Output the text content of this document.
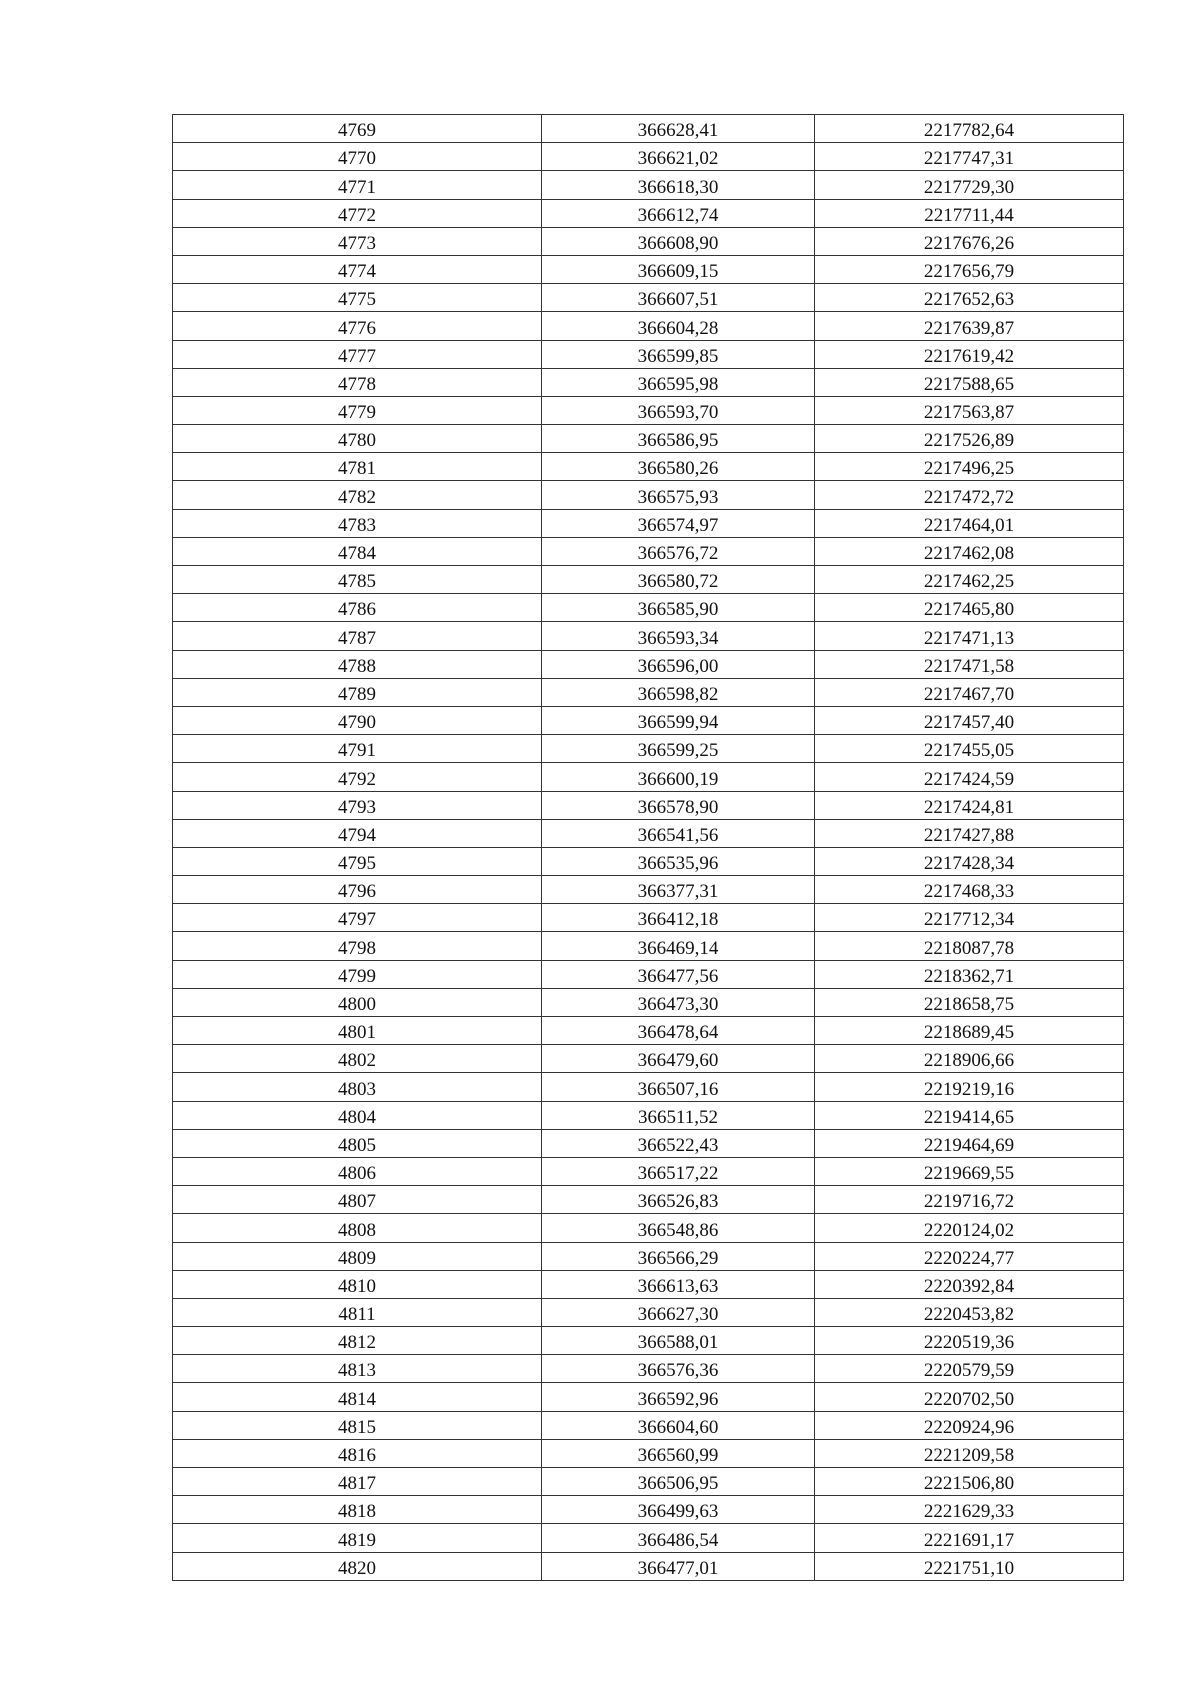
4769	366628,41	2217782,64
4770	366621,02	2217747,31
4771	366618,30	2217729,30
4772	366612,74	2217711,44
4773	366608,90	2217676,26
4774	366609,15	2217656,79
4775	366607,51	2217652,63
4776	366604,28	2217639,87
4777	366599,85	2217619,42
4778	366595,98	2217588,65
4779	366593,70	2217563,87
4780	366586,95	2217526,89
4781	366580,26	2217496,25
4782	366575,93	2217472,72
4783	366574,97	2217464,01
4784	366576,72	2217462,08
4785	366580,72	2217462,25
4786	366585,90	2217465,80
4787	366593,34	2217471,13
4788	366596,00	2217471,58
4789	366598,82	2217467,70
4790	366599,94	2217457,40
4791	366599,25	2217455,05
4792	366600,19	2217424,59
4793	366578,90	2217424,81
4794	366541,56	2217427,88
4795	366535,96	2217428,34
4796	366377,31	2217468,33
4797	366412,18	2217712,34
4798	366469,14	2218087,78
4799	366477,56	2218362,71
4800	366473,30	2218658,75
4801	366478,64	2218689,45
4802	366479,60	2218906,66
4803	366507,16	2219219,16
4804	366511,52	2219414,65
4805	366522,43	2219464,69
4806	366517,22	2219669,55
4807	366526,83	2219716,72
4808	366548,86	2220124,02
4809	366566,29	2220224,77
4810	366613,63	2220392,84
4811	366627,30	2220453,82
4812	366588,01	2220519,36
4813	366576,36	2220579,59
4814	366592,96	2220702,50
4815	366604,60	2220924,96
4816	366560,99	2221209,58
4817	366506,95	2221506,80
4818	366499,63	2221629,33
4819	366486,54	2221691,17
4820	366477,01	2221751,10
